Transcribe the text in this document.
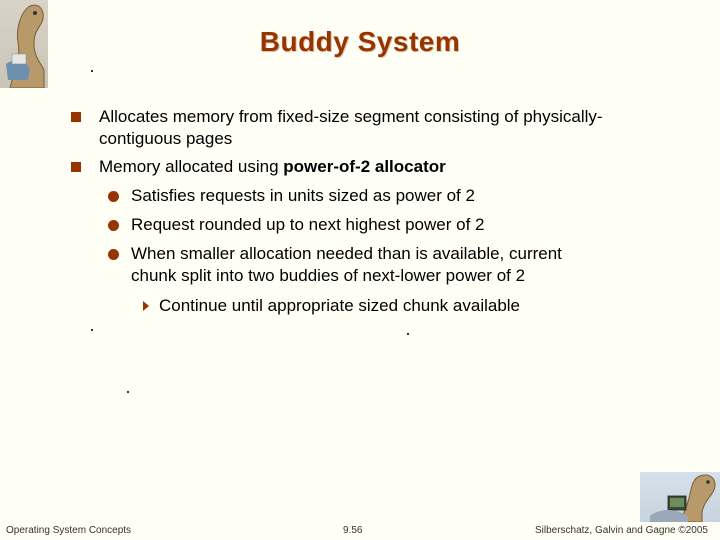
Buddy System
Allocates memory from fixed-size segment consisting of physically-contiguous pages
Memory allocated using power-of-2 allocator
Satisfies requests in units sized as power of 2
Request rounded up to next highest power of 2
When smaller allocation needed than is available, current chunk split into two buddies of next-lower power of 2
Continue until appropriate sized chunk available
Operating System Concepts	9.56	Silberschatz, Galvin and Gagne ©2005
